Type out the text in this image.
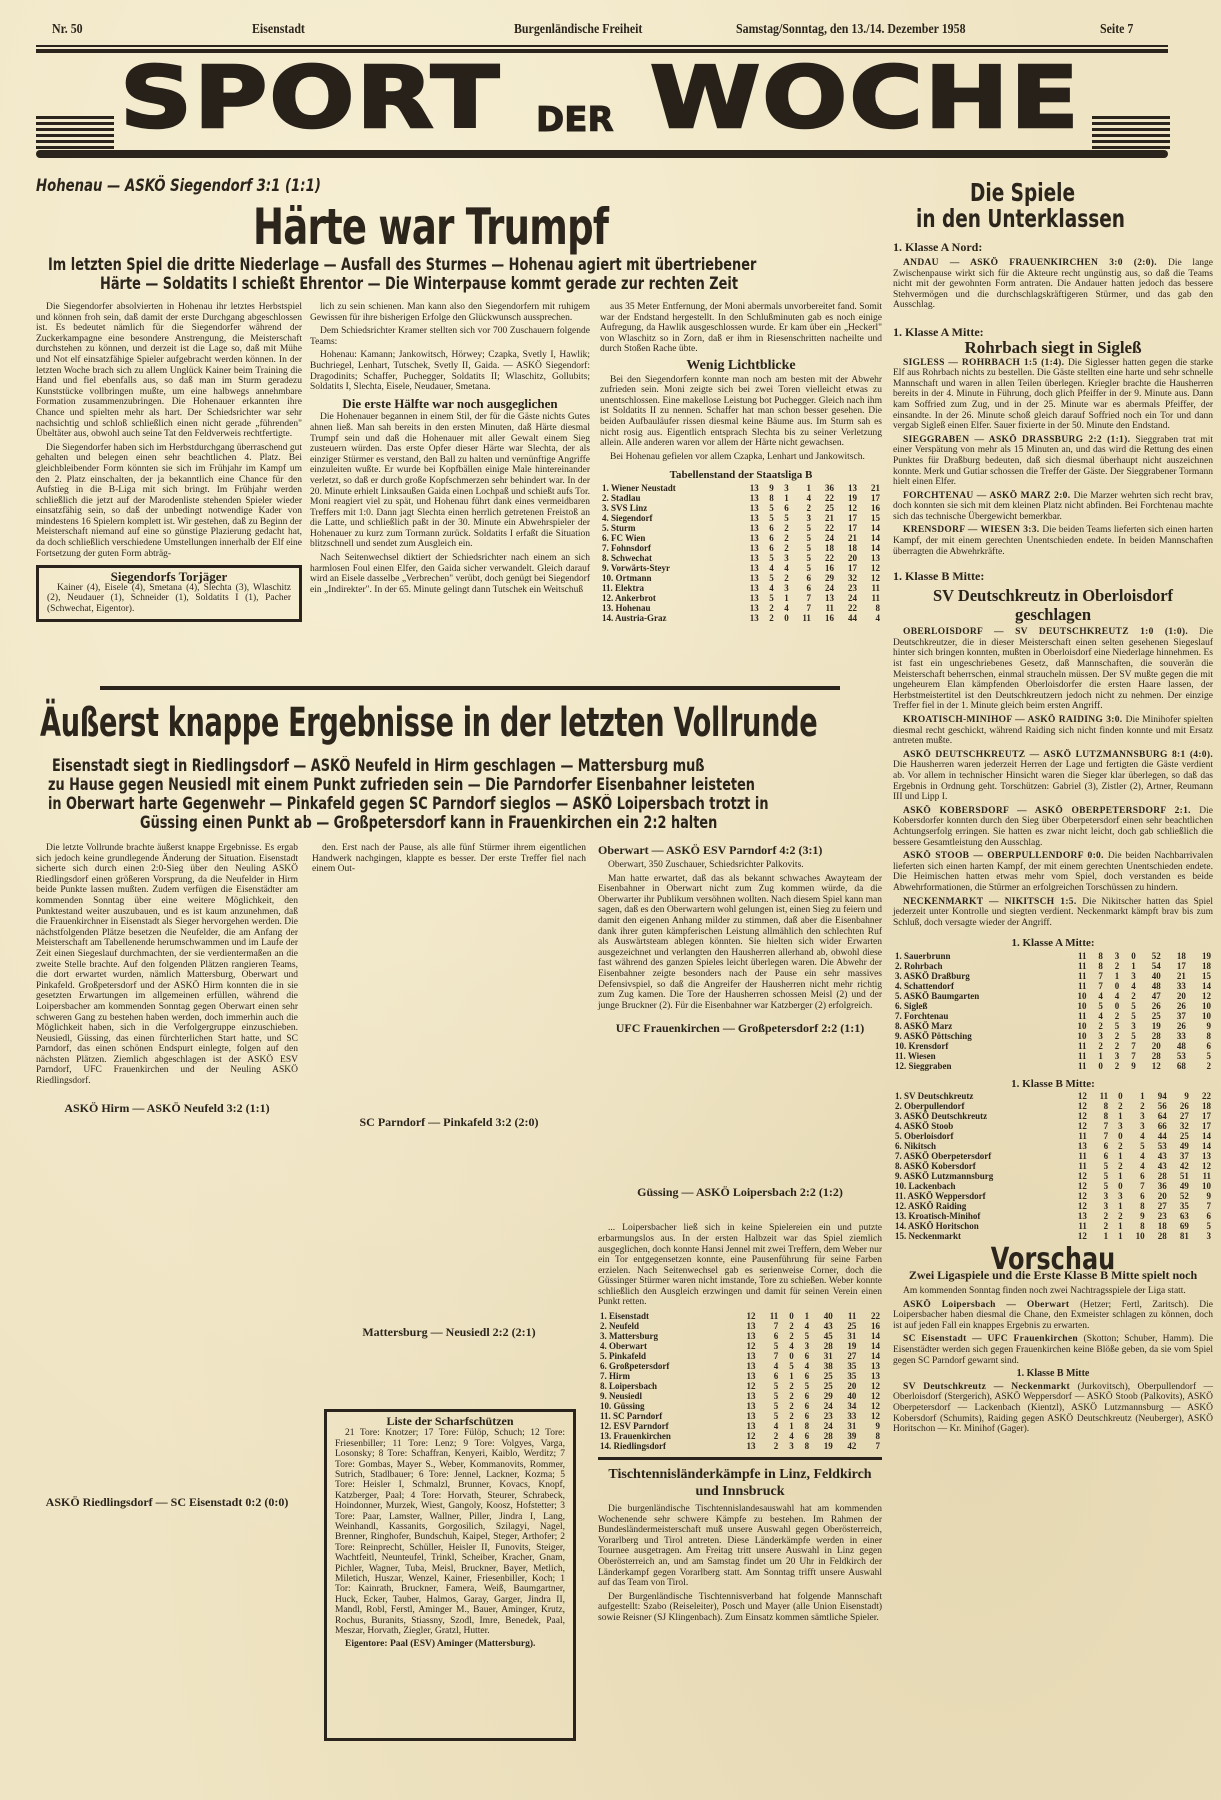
Nr. 50	Eisenstadt	Burgenländische Freiheit	Samstag/Sonntag, den 13./14. Dezember 1958	Seite 7
SPORT DER WOCHE
Hohenau — ASKÖ Siegendorf 3:1 (1:1)
Härte war Trumpf
Im letzten Spiel die dritte Niederlage — Ausfall des Sturmes — Hohenau agiert mit übertriebener
Härte — Soldatits I schießt Ehrentor — Die Winterpause kommt gerade zur rechten Zeit

Die Siegendorfer absolvierten in Hohenau ihr letztes Herbstspiel und können froh sein, daß damit der erste Durchgang abgeschlossen ist. Es bedeutet nämlich für die Siegendorfer während der Zuckerkampagne eine besondere Anstrengung, die Meisterschaft durchstehen zu können, und derzeit ist die Lage so, daß mit Mühe und Not elf einsatzfähige Spieler aufgebracht werden können. In der letzten Woche brach sich zu allem Unglück Kainer beim Training die Hand und fiel ebenfalls aus, so daß man im Sturm geradezu Kunststücke vollbringen mußte, um eine halbwegs annehmbare Formation zusammenzubringen. Die Hohenauer erkannten ihre Chance und spielten mehr als hart. Der Schiedsrichter war sehr nachsichtig und schloß schließlich einen nicht gerade „führenden" Übeltäter aus, obwohl auch seine Tat den Feldverweis rechtfertigte.

Die Siegendorfer haben sich im Herbstdurchgang überraschend gut gehalten und belegen einen sehr beachtlichen 4. Platz. Bei gleichbleibender Form könnten sie sich im Frühjahr im Kampf um den 2. Platz einschalten, der ja bekanntlich eine Chance für den Aufstieg in die B-Liga mit sich bringt. Im Frühjahr werden schließlich die jetzt auf der Marodenliste stehenden Spieler wieder einsatzfähig sein, so daß der unbedingt notwendige Kader von mindestens 16 Spielern komplett ist. Wir gestehen, daß zu Beginn der Meisterschaft niemand auf eine so günstige Plazierung gedacht hat, da doch schließlich verschiedene Umstellungen innerhalb der Elf eine Fortsetzung der guten Form abträg-

Siegendorfs Torjäger
Kainer (4), Eisele (4), Smetana (4), Slechta (3), Wlaschitz (2), Neudauer (1), Schneider (1), Soldatits I (1), Pacher (Schwechat, Eigentor).

lich zu sein schienen. Man kann also den Siegendorfern mit ruhigem Gewissen für ihre bisherigen Erfolge den Glückwunsch aussprechen.

Dem Schiedsrichter Kramer stellten sich vor 700 Zuschauern folgende Teams:

Hohenau: Kamann; Jankowitsch, Hörwey; Czapka, Svetly I, Hawlik; Buchriegel, Lenhart, Tutschek, Svetly II, Gaida. — ASKÖ Siegendorf: Dragodinits; Schaffer, Puchegger, Soldatits II; Wlaschitz, Gollubits; Soldatits I, Slechta, Eisele, Neudauer, Smetana.

Die erste Hälfte war noch ausgeglichen

Die Hohenauer begannen in einem Stil, der für die Gäste nichts Gutes ahnen ließ. Man sah bereits in den ersten Minuten, daß Härte diesmal Trumpf sein und daß die Hohenauer mit aller Gewalt einem Sieg zusteuern würden. Das erste Opfer dieser Härte war Slechta, der als einziger Stürmer es verstand, den Ball zu halten und vernünftige Angriffe einzuleiten wußte. Er wurde bei Kopfbällen einige Male hintereinander verletzt, so daß er durch große Kopfschmerzen sehr behindert war. In der 20. Minute erhielt Linksaußen Gaida einen Lochpaß und schießt aufs Tor. Moni reagiert viel zu spät, und Hohenau führt dank eines vermeidbaren Treffers mit 1:0. Dann jagt Slechta einen herrlich getretenen Freistoß an die Latte, und schließlich paßt in der 30. Minute ein Abwehrspieler der Hohenauer zu kurz zum Tormann zurück. Soldatits I erfaßt die Situation blitzschnell und sendet zum Ausgleich ein.

Nach Seitenwechsel diktiert der Schiedsrichter nach einem an sich harmlosen Foul einen Elfer, den Gaida sicher verwandelt. Gleich darauf wird an Eisele dasselbe „Verbrechen" verübt, doch genügt bei Siegendorf ein „Indirekter". In der 65. Minute gelingt dann Tutschek ein Weitschuß

aus 35 Meter Entfernung, der Moni abermals unvorbereitet fand. Somit war der Endstand hergestellt. In den Schlußminuten gab es noch einige Aufregung, da Hawlik ausgeschlossen wurde. Er kam über ein „Heckerl" von Wlaschitz so in Zorn, daß er ihm in Riesenschritten nacheilte und durch Stoßen Rache übte.

Wenig Lichtblicke

Bei den Siegendorfern konnte man noch am besten mit der Abwehr zufrieden sein. Moni zeigte sich bei zwei Toren vielleicht etwas zu unentschlossen. Eine makellose Leistung bot Puchegger. Gleich nach ihm ist Soldatits II zu nennen. Schaffer hat man schon besser gesehen. Die beiden Aufbauläufer rissen diesmal keine Bäume aus. Im Sturm sah es nicht rosig aus. Eigentlich entsprach Slechta bis zu seiner Verletzung allein. Alle anderen waren vor allem der Härte nicht gewachsen.

Bei Hohenau gefielen vor allem Czapka, Lenhart und Jankowitsch.

Tabellenstand der Staatsliga B
1. Wiener Neustadt	13	9	3	1	36	13	21
2. Stadlau	13	8	1	4	22	19	17
3. SVS Linz	13	5	6	2	25	12	16
4. Siegendorf	13	5	5	3	21	17	15
5. Sturm	13	6	2	5	22	17	14
6. FC Wien	13	6	2	5	24	21	14
7. Fohnsdorf	13	6	2	5	18	18	14
8. Schwechat	13	5	3	5	22	20	13
9. Vorwärts-Steyr	13	4	4	5	16	17	12
10. Ortmann	13	5	2	6	29	32	12
11. Elektra	13	4	3	6	24	23	11
12. Ankerbrot	13	5	1	7	13	24	11
13. Hohenau	13	2	4	7	11	22	8
14. Austria-Graz	13	2	0	11	16	44	4
Äußerst knappe Ergebnisse in der letzten Vollrunde
Eisenstadt siegt in Riedlingsdorf — ASKÖ Neufeld in Hirm geschlagen — Mattersburg muß
zu Hause gegen Neusiedl mit einem Punkt zufrieden sein — Die Parndorfer Eisenbahner leisteten
in Oberwart harte Gegenwehr — Pinkafeld gegen SC Parndorf sieglos — ASKÖ Loipersbach trotzt in
Güssing einen Punkt ab — Großpetersdorf kann in Frauenkirchen ein 2:2 halten

Die letzte Vollrunde brachte äußerst knappe Ergebnisse. Es ergab sich jedoch keine grundlegende Änderung der Situation. Eisenstadt sicherte sich durch einen 2:0-Sieg über den Neuling ASKÖ Riedlingsdorf einen größeren Vorsprung, da die Neufelder in Hirm beide Punkte lassen mußten. Zudem verfügen die Eisenstädter am kommenden Sonntag über eine weitere Möglichkeit, den Punktestand weiter auszubauen, und es ist kaum anzunehmen, daß die Frauenkirchner in Eisenstadt als Sieger hervorgehen werden. Die nächstfolgenden Plätze besetzen die Neufelder, die am Anfang der Meisterschaft am Tabellenende herumschwammen und im Laufe der Zeit einen Siegeslauf durchmachten, der sie verdientermaßen an die zweite Stelle brachte. Auf den folgenden Plätzen rangieren Teams, die dort erwartet wurden, nämlich Mattersburg, Oberwart und Pinkafeld. Großpetersdorf und der ASKÖ Hirm konnten die in sie gesetzten Erwartungen im allgemeinen erfüllen, während die Loipersbacher am kommenden Sonntag gegen Oberwart einen sehr schweren Gang zu bestehen haben werden, doch immerhin auch die Möglichkeit haben, sich in die Verfolgergruppe einzuschieben. Neusiedl, Güssing, das einen fürchterlichen Start hatte, und SC Parndorf, das einen schönen Endspurt einlegte, folgen auf den nächsten Plätzen. Ziemlich abgeschlagen ist der ASKÖ ESV Parndorf, UFC Frauenkirchen und der Neuling ASKÖ Riedlingsdorf.

ASKÖ Hirm — ASKÖ Neufeld 3:2 (1:1)
ASKÖ Riedlingsdorf — SC Eisenstadt 0:2 (0:0)

den. Erst nach der Pause, als alle fünf Stürmer ihrem eigentlichen Handwerk nachgingen, klappte es besser. Der erste Treffer fiel nach einem Out-

SC Parndorf — Pinkafeld 3:2 (2:0)
Mattersburg — Neusiedl 2:2 (2:1)
Liste der Scharfschützen
21 Tore: Knotzer; 17 Tore: Fülöp, Schuch; 12 Tore: Friesenbiller; 11 Tore: Lenz; 9 Tore: Volgyes, Varga, Losonsky; 8 Tore: Schaffran, Kenyeri, Kaiblo, Werditz; 7 Tore: Gombas, Mayer S., Weber, Kommanovits, Rommer, Sutrich, Stadlbauer; 6 Tore: Jennel, Lackner, Kozma; 5 Tore: Heisler I, Schmalzl, Brunner, Kovacs, Knopf, Katzberger, Paal; 4 Tore: Horvath, Steurer, Schrabeck, Hoindonner, Murzek, Wiest, Gangoly, Koosz, Hofstetter; 3 Tore: Paar, Lamster, Wallner, Piller, Jindra I, Lang, Weinhandl, Kassanits, Gorgosilich, Szilagyi, Nagel, Brenner, Ringhofer, Bundschuh, Kaipel, Steger, Arthofer; 2 Tore: Reinprecht, Schüller, Heisler II, Funovits, Steiger, Wachtfeitl, Neunteufel, Trinkl, Scheiber, Kracher, Gnam, Pichler, Wagner, Tuba, Meisl, Bruckner, Bayer, Metlich, Miletich, Huszar, Wenzel, Kainer, Friesenbiller, Koch; 1 Tor: Kainrath, Bruckner, Famera, Weiß, Baumgartner, Huck, Ecker, Tauber, Halmos, Garay, Garger, Jindra II, Mandl, Robl, Ferstl, Aminger M., Bauer, Aminger, Krutz, Rochus, Buranits, Stiassny, Szodl, Imre, Benedek, Paal, Meszar, Horvath, Ziegler, Gratzl, Hutter.
Eigentore: Paal (ESV) Aminger (Mattersburg).
Oberwart — ASKÖ ESV Parndorf 4:2 (3:1)

Oberwart, 350 Zuschauer, Schiedsrichter Palkovits.

Man hatte erwartet, daß das als bekannt schwaches Awayteam der Eisenbahner in Oberwart nicht zum Zug kommen würde, da die Oberwarter ihr Publikum versöhnen wollten. Nach diesem Spiel kann man sagen, daß es den Oberwartern wohl gelungen ist, einen Sieg zu feiern und damit den eigenen Anhang milder zu stimmen, daß aber die Eisenbahner dank ihrer guten kämpferischen Leistung allmählich den schlechten Ruf als Auswärtsteam ablegen könnten. Sie hielten sich wider Erwarten ausgezeichnet und verlangten den Hausherren allerhand ab, obwohl diese fast während des ganzen Spieles leicht überlegen waren. Die Abwehr der Eisenbahner zeigte besonders nach der Pause ein sehr massives Defensivspiel, so daß die Angreifer der Hausherren nicht mehr richtig zum Zug kamen. Die Tore der Hausherren schossen Meisl (2) und der junge Bruckner (2). Für die Eisenbahner war Katzberger (2) erfolgreich.

UFC Frauenkirchen — Großpetersdorf 2:2 (1:1)
Güssing — ASKÖ Loipersbach 2:2 (1:2)

... Loipersbacher ließ sich in keine Spielereien ein und putzte erbarmungslos aus. In der ersten Halbzeit war das Spiel ziemlich ausgeglichen, doch konnte Hansi Jennel mit zwei Treffern, dem Weber nur ein Tor entgegensetzen konnte, eine Pausenführung für seine Farben erzielen. Nach Seitenwechsel gab es serienweise Corner, doch die Güssinger Stürmer waren nicht imstande, Tore zu schießen. Weber konnte schließlich den Ausgleich erzwingen und damit für seinen Verein einen Punkt retten.

1. Eisenstadt	12	11	0	1	40	11	22
2. Neufeld	13	7	2	4	43	25	16
3. Mattersburg	13	6	2	5	45	31	14
4. Oberwart	12	5	4	3	28	19	14
5. Pinkafeld	13	7	0	6	31	27	14
6. Großpetersdorf	13	4	5	4	38	35	13
7. Hirm	13	6	1	6	25	35	13
8. Loipersbach	12	5	2	5	25	20	12
9. Neusiedl	13	5	2	6	29	40	12
10. Güssing	13	5	2	6	24	34	12
11. SC Parndorf	13	5	2	6	23	33	12
12. ESV Parndorf	13	4	1	8	24	31	9
13. Frauenkirchen	12	2	4	6	28	39	8
14. Riedlingsdorf	13	2	3	8	19	42	7
Tischtennisländerkämpfe in Linz, Feldkirch und Innsbruck

Die burgenländische Tischtennislandesauswahl hat am kommenden Wochenende sehr schwere Kämpfe zu bestehen. Im Rahmen der Bundesländermeisterschaft muß unsere Auswahl gegen Oberösterreich, Vorarlberg und Tirol antreten. Diese Länderkämpfe werden in einer Tournee ausgetragen. Am Freitag tritt unsere Auswahl in Linz gegen Oberösterreich an, und am Samstag findet um 20 Uhr in Feldkirch der Länderkampf gegen Vorarlberg statt. Am Sonntag trifft unsere Auswahl auf das Team von Tirol.

Der Burgenländische Tischtennisverband hat folgende Mannschaft aufgestellt: Szabo (Reiseleiter), Posch und Mayer (alle Union Eisenstadt) sowie Reisner (SJ Klingenbach). Zum Einsatz kommen sämtliche Spieler.

Die Spiele
in den Unterklassen
1. Klasse A Nord:

ANDAU — ASKÖ FRAUENKIRCHEN 3:0 (2:0). Die lange Zwischenpause wirkt sich für die Akteure recht ungünstig aus, so daß die Teams nicht mit der gewohnten Form antraten. Die Andauer hatten jedoch das bessere Stehvermögen und die durchschlagskräftigeren Stürmer, und das gab den Ausschlag.

1. Klasse A Mitte:
Rohrbach siegt in Sigleß

SIGLESS — ROHRBACH 1:5 (1:4). Die Siglesser hatten gegen die starke Elf aus Rohrbach nichts zu bestellen. Die Gäste stellten eine harte und sehr schnelle Mannschaft und waren in allen Teilen überlegen. Kriegler brachte die Hausherren bereits in der 4. Minute in Führung, doch glich Pfeiffer in der 9. Minute aus. Dann kam Soffried zum Zug, und in der 25. Minute war es abermals Pfeiffer, der einsandte. In der 26. Minute schoß gleich darauf Soffried noch ein Tor und dann vergab Sigleß einen Elfer. Sauer fixierte in der 50. Minute den Endstand.

SIEGGRABEN — ASKÖ DRASSBURG 2:2 (1:1). Sieggraben trat mit einer Verspätung von mehr als 15 Minuten an, und das wird die Rettung des einen Punktes für Draßburg bedeuten, daß sich diesmal überhaupt nicht auszeichnen konnte. Merk und Gutiar schossen die Treffer der Gäste. Der Sieggrabener Tormann hielt einen Elfer.

FORCHTENAU — ASKÖ MARZ 2:0. Die Marzer wehrten sich recht brav, doch konnten sie sich mit dem kleinen Platz nicht abfinden. Bei Forchtenau machte sich das technische Übergewicht bemerkbar.

KRENSDORF — WIESEN 3:3. Die beiden Teams lieferten sich einen harten Kampf, der mit einem gerechten Unentschieden endete. In beiden Mannschaften überragten die Abwehrkräfte.

1. Klasse B Mitte:
SV Deutschkreutz in Oberloisdorf geschlagen

OBERLOISDORF — SV DEUTSCHKREUTZ 1:0 (1:0). Die Deutschkreutzer, die in dieser Meisterschaft einen selten gesehenen Siegeslauf hinter sich bringen konnten, mußten in Oberloisdorf eine Niederlage hinnehmen. Es ist fast ein ungeschriebenes Gesetz, daß Mannschaften, die souverän die Meisterschaft beherrschen, einmal straucheln müssen. Der SV mußte gegen die mit ungeheurem Elan kämpfenden Oberloisdorfer die ersten Haare lassen, der Herbstmeistertitel ist den Deutschkreutzern jedoch nicht zu nehmen. Der einzige Treffer fiel in der 1. Minute gleich beim ersten Angriff.

KROATISCH-MINIHOF — ASKÖ RAIDING 3:0. Die Minihofer spielten diesmal recht geschickt, während Raiding sich nicht finden konnte und mit Ersatz antreten mußte.

ASKÖ DEUTSCHKREUTZ — ASKÖ LUTZMANNSBURG 8:1 (4:0). Die Hausherren waren jederzeit Herren der Lage und fertigten die Gäste verdient ab. Vor allem in technischer Hinsicht waren die Sieger klar überlegen, so daß das Ergebnis in Ordnung geht. Torschützen: Gabriel (3), Zistler (2), Artner, Reumann III und Lipp I.

ASKÖ KOBERSDORF — ASKÖ OBERPETERSDORF 2:1. Die Kobersdorfer konnten durch den Sieg über Oberpetersdorf einen sehr beachtlichen Achtungserfolg erringen. Sie hatten es zwar nicht leicht, doch gab schließlich die bessere Gesamtleistung den Ausschlag.

ASKÖ STOOB — OBERPULLENDORF 0:0. Die beiden Nachbarrivalen lieferten sich einen harten Kampf, der mit einem gerechten Unentschieden endete. Die Heimischen hatten etwas mehr vom Spiel, doch verstanden es beide Abwehrformationen, die Stürmer an erfolgreichen Torschüssen zu hindern.

NECKENMARKT — NIKITSCH 1:5. Die Nikitscher hatten das Spiel jederzeit unter Kontrolle und siegten verdient. Neckenmarkt kämpft brav bis zum Schluß, doch versagte wieder der Angriff.

1. Klasse A Mitte:
1. Sauerbrunn	11	8	3	0	52	18	19
2. Rohrbach	11	8	2	1	54	17	18
3. ASKÖ Draßburg	11	7	1	3	40	21	15
4. Schattendorf	11	7	0	4	48	33	14
5. ASKÖ Baumgarten	10	4	4	2	47	20	12
6. Sigleß	10	5	0	5	26	26	10
7. Forchtenau	11	4	2	5	25	37	10
8. ASKÖ Marz	10	2	5	3	19	26	9
9. ASKÖ Pöttsching	10	3	2	5	28	33	8
10. Krensdorf	11	2	2	7	20	48	6
11. Wiesen	11	1	3	7	28	53	5
12. Sieggraben	11	0	2	9	12	68	2
1. Klasse B Mitte:
1. SV Deutschkreutz	12	11	0	1	94	9	22
2. Oberpullendorf	12	8	2	2	56	26	18
3. ASKÖ Deutschkreutz	12	8	1	3	64	27	17
4. ASKÖ Stoob	12	7	3	3	66	32	17
5. Oberloisdorf	11	7	0	4	44	25	14
6. Nikitsch	13	6	2	5	53	49	14
7. ASKÖ Oberpetersdorf	11	6	1	4	43	37	13
8. ASKÖ Kobersdorf	11	5	2	4	43	42	12
9. ASKÖ Lutzmannsburg	12	5	1	6	28	51	11
10. Lackenbach	12	5	0	7	36	49	10
11. ASKÖ Weppersdorf	12	3	3	6	20	52	9
12. ASKÖ Raiding	12	3	1	8	27	35	7
13. Kroatisch-Minihof	13	2	2	9	23	63	6
14. ASKÖ Horitschon	11	2	1	8	18	69	5
15. Neckenmarkt	12	1	1	10	28	81	3
Vorschau
Zwei Ligaspiele und die Erste Klasse B Mitte spielt noch

Am kommenden Sonntag finden noch zwei Nachtragsspiele der Liga statt.

ASKÖ Loipersbach — Oberwart (Hetzer; Fertl, Zaritsch). Die Loipersbacher haben diesmal die Chane, den Exmeister schlagen zu können, doch ist auf jeden Fall ein knappes Ergebnis zu erwarten.

SC Eisenstadt — UFC Frauenkirchen (Skotton; Schuber, Hamm). Die Eisenstädter werden sich gegen Frauenkirchen keine Blöße geben, da sie vom Spiel gegen SC Parndorf gewarnt sind.

1. Klasse B Mitte

SV Deutschkreutz — Neckenmarkt (Jurkovitsch), Oberpullendorf — Oberloisdorf (Stergerich), ASKÖ Weppersdorf — ASKÖ Stoob (Palkovits), ASKÖ Oberpetersdorf — Lackenbach (Kientzl), ASKÖ Lutzmannsburg — ASKÖ Kobersdorf (Schumits), Raiding gegen ASKÖ Deutschkreutz (Neuberger), ASKÖ Horitschon — Kr. Minihof (Gager).
